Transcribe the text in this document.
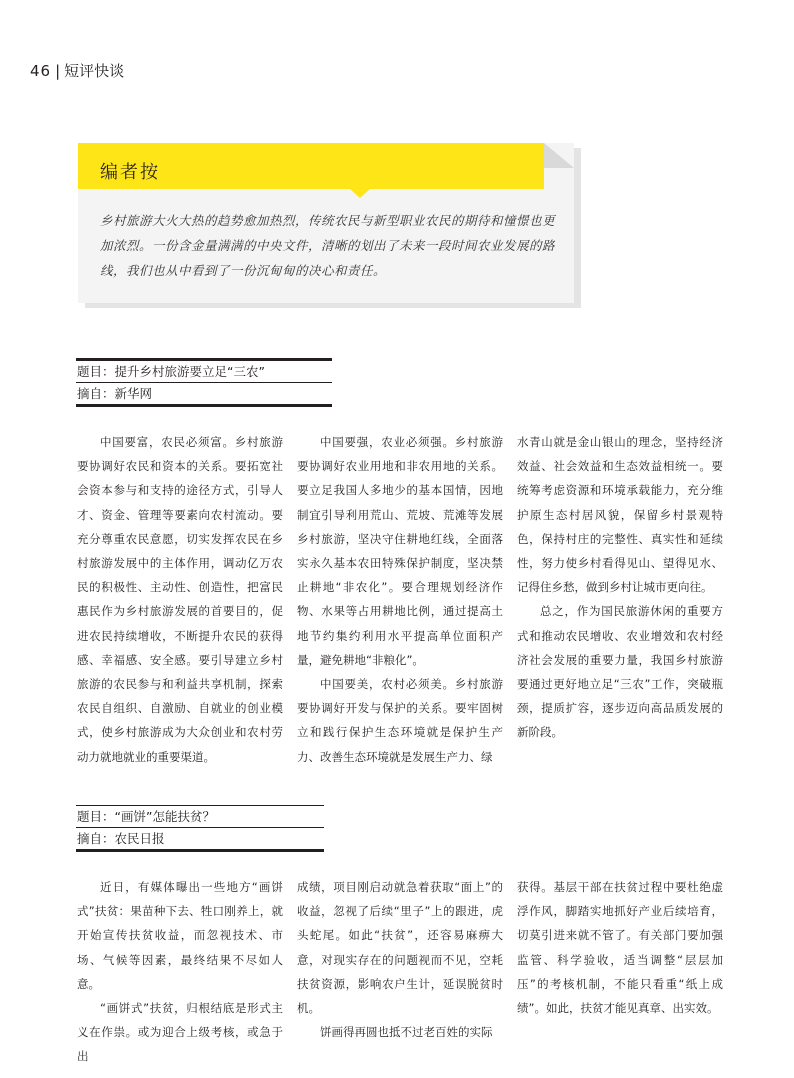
46 | 短评快谈
编者按
乡村旅游大火大热的趋势愈加热烈，传统农民与新型职业农民的期待和憧憬也更加浓烈。一份含金量满满的中央文件，清晰的划出了未来一段时间农业发展的路线，我们也从中看到了一份沉甸甸的决心和责任。
题目：提升乡村旅游要立足“三农”
摘自：新华网

中国要富，农民必须富。乡村旅游要协调好农民和资本的关系。要拓宽社会资本参与和支持的途径方式，引导人才、资金、管理等要素向农村流动。要充分尊重农民意愿，切实发挥农民在乡村旅游发展中的主体作用，调动亿万农民的积极性、主动性、创造性，把富民惠民作为乡村旅游发展的首要目的，促进农民持续增收，不断提升农民的获得感、幸福感、安全感。要引导建立乡村旅游的农民参与和利益共享机制，探索农民自组织、自激励、自就业的创业模式，使乡村旅游成为大众创业和农村劳动力就地就业的重要渠道。

中国要强，农业必须强。乡村旅游要协调好农业用地和非农用地的关系。要立足我国人多地少的基本国情，因地制宜引导利用荒山、荒坡、荒滩等发展乡村旅游，坚决守住耕地红线，全面落实永久基本农田特殊保护制度，坚决禁止耕地“非农化”。要合理规划经济作物、水果等占用耕地比例，通过提高土地节约集约利用水平提高单位面积产量，避免耕地“非粮化”。

中国要美，农村必须美。乡村旅游要协调好开发与保护的关系。要牢固树立和践行保护生态环境就是保护生产力、改善生态环境就是发展生产力、绿

水青山就是金山银山的理念，坚持经济效益、社会效益和生态效益相统一。要统筹考虑资源和环境承载能力，充分维护原生态村居风貌，保留乡村景观特色，保持村庄的完整性、真实性和延续性，努力使乡村看得见山、望得见水、记得住乡愁，做到乡村让城市更向往。

总之，作为国民旅游休闲的重要方式和推动农民增收、农业增效和农村经济社会发展的重要力量，我国乡村旅游要通过更好地立足“三农”工作，突破瓶颈，提质扩容，逐步迈向高品质发展的新阶段。

题目：“画饼”怎能扶贫？
摘自：农民日报

近日，有媒体曝出一些地方“画饼式”扶贫：果苗种下去、牲口刚养上，就开始宣传扶贫收益，而忽视技术、市场、气候等因素，最终结果不尽如人意。

“画饼式”扶贫，归根结底是形式主义在作祟。或为迎合上级考核，或急于出

成绩，项目刚启动就急着获取“面上”的收益，忽视了后续“里子”上的跟进，虎头蛇尾。如此“扶贫”，还容易麻痹大意，对现实存在的问题视而不见，空耗扶贫资源，影响农户生计，延误脱贫时机。

饼画得再圆也抵不过老百姓的实际

获得。基层干部在扶贫过程中要杜绝虚浮作风，脚踏实地抓好产业后续培育，切莫引进来就不管了。有关部门要加强监管、科学验收，适当调整“层层加压”的考核机制，不能只看重“纸上成绩”。如此，扶贫才能见真章、出实效。
